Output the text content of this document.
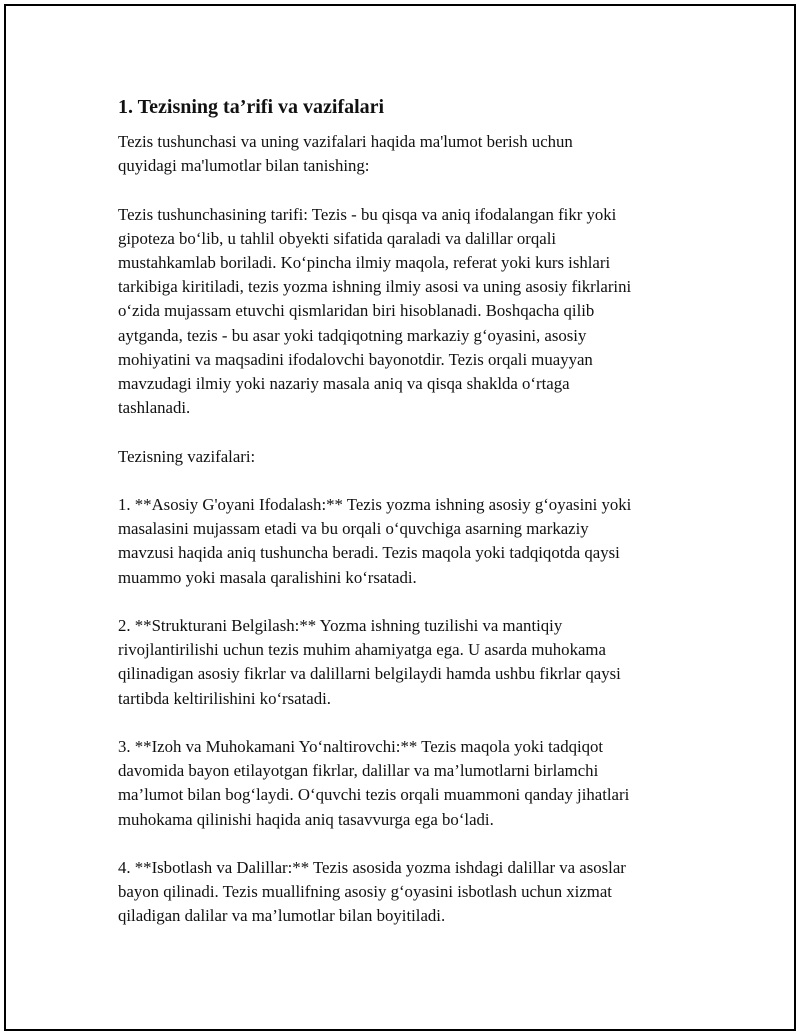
1. Tezisning ta’rifi va vazifalari
Tezis tushunchasi va uning vazifalari haqida ma'lumot berish uchun
quyidagi ma'lumotlar bilan tanishing:
Tezis tushunchasining tarifi: Tezis - bu qisqa va aniq ifodalangan fikr yoki
gipoteza bo‘lib, u tahlil obyekti sifatida qaraladi va dalillar orqali
mustahkamlab boriladi. Ko‘pincha ilmiy maqola, referat yoki kurs ishlari
tarkibiga kiritiladi, tezis yozma ishning ilmiy asosi va uning asosiy fikrlarini
o‘zida mujassam etuvchi qismlaridan biri hisoblanadi. Boshqacha qilib
aytganda, tezis - bu asar yoki tadqiqotning markaziy g‘oyasini, asosiy
mohiyatini va maqsadini ifodalovchi bayonotdir. Tezis orqali muayyan
mavzudagi ilmiy yoki nazariy masala aniq va qisqa shaklda o‘rtaga
tashlanadi.
Tezisning vazifalari:
1. **Asosiy G'oyani Ifodalash:** Tezis yozma ishning asosiy g‘oyasini yoki
masalasini mujassam etadi va bu orqali o‘quvchiga asarning markaziy
mavzusi haqida aniq tushuncha beradi. Tezis maqola yoki tadqiqotda qaysi
muammo yoki masala qaralishini ko‘rsatadi.
2. **Strukturani Belgilash:** Yozma ishning tuzilishi va mantiqiy
rivojlantirilishi uchun tezis muhim ahamiyatga ega. U asarda muhokama
qilinadigan asosiy fikrlar va dalillarni belgilaydi hamda ushbu fikrlar qaysi
tartibda keltirilishini ko‘rsatadi.
3. **Izoh va Muhokamani Yo‘naltirovchi:** Tezis maqola yoki tadqiqot
davomida bayon etilayotgan fikrlar, dalillar va ma’lumotlarni birlamchi
ma’lumot bilan bog‘laydi. O‘quvchi tezis orqali muammoni qanday jihatlari
muhokama qilinishi haqida aniq tasavvurga ega bo‘ladi.
4. **Isbotlash va Dalillar:** Tezis asosida yozma ishdagi dalillar va asoslar
bayon qilinadi. Tezis muallifning asosiy g‘oyasini isbotlash uchun xizmat
qiladigan dalilar va ma’lumotlar bilan boyitiladi.
